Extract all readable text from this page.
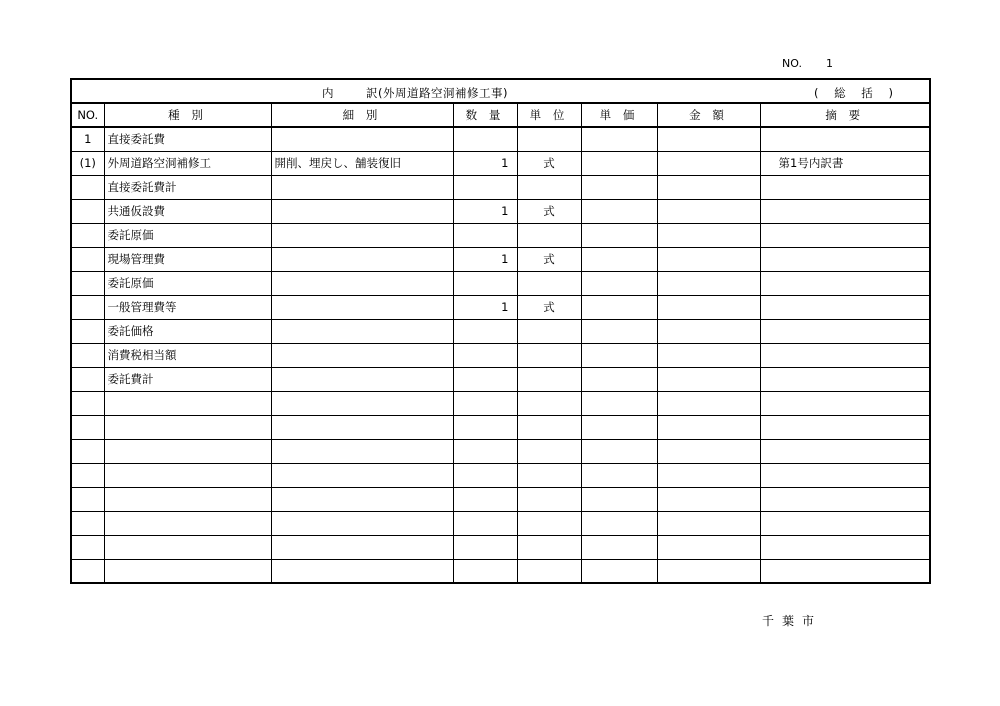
NO. 1
内 訳(外周道路空洞補修工事) ( 総 括 )							

NO.	種 別	細 別	数 量	単 位	単 価	金 額	摘 要
1	直接委託費						
(1)	外周道路空洞補修工	開削、埋戻し、舗装復旧	1	式			第1号内訳書
	直接委託費計						
	共通仮設費		1	式			
	委託原価						
	現場管理費		1	式			
	委託原価						
	一般管理費等		1	式			
	委託価格						
	消費税相当額						
	委託費計						

千葉市
